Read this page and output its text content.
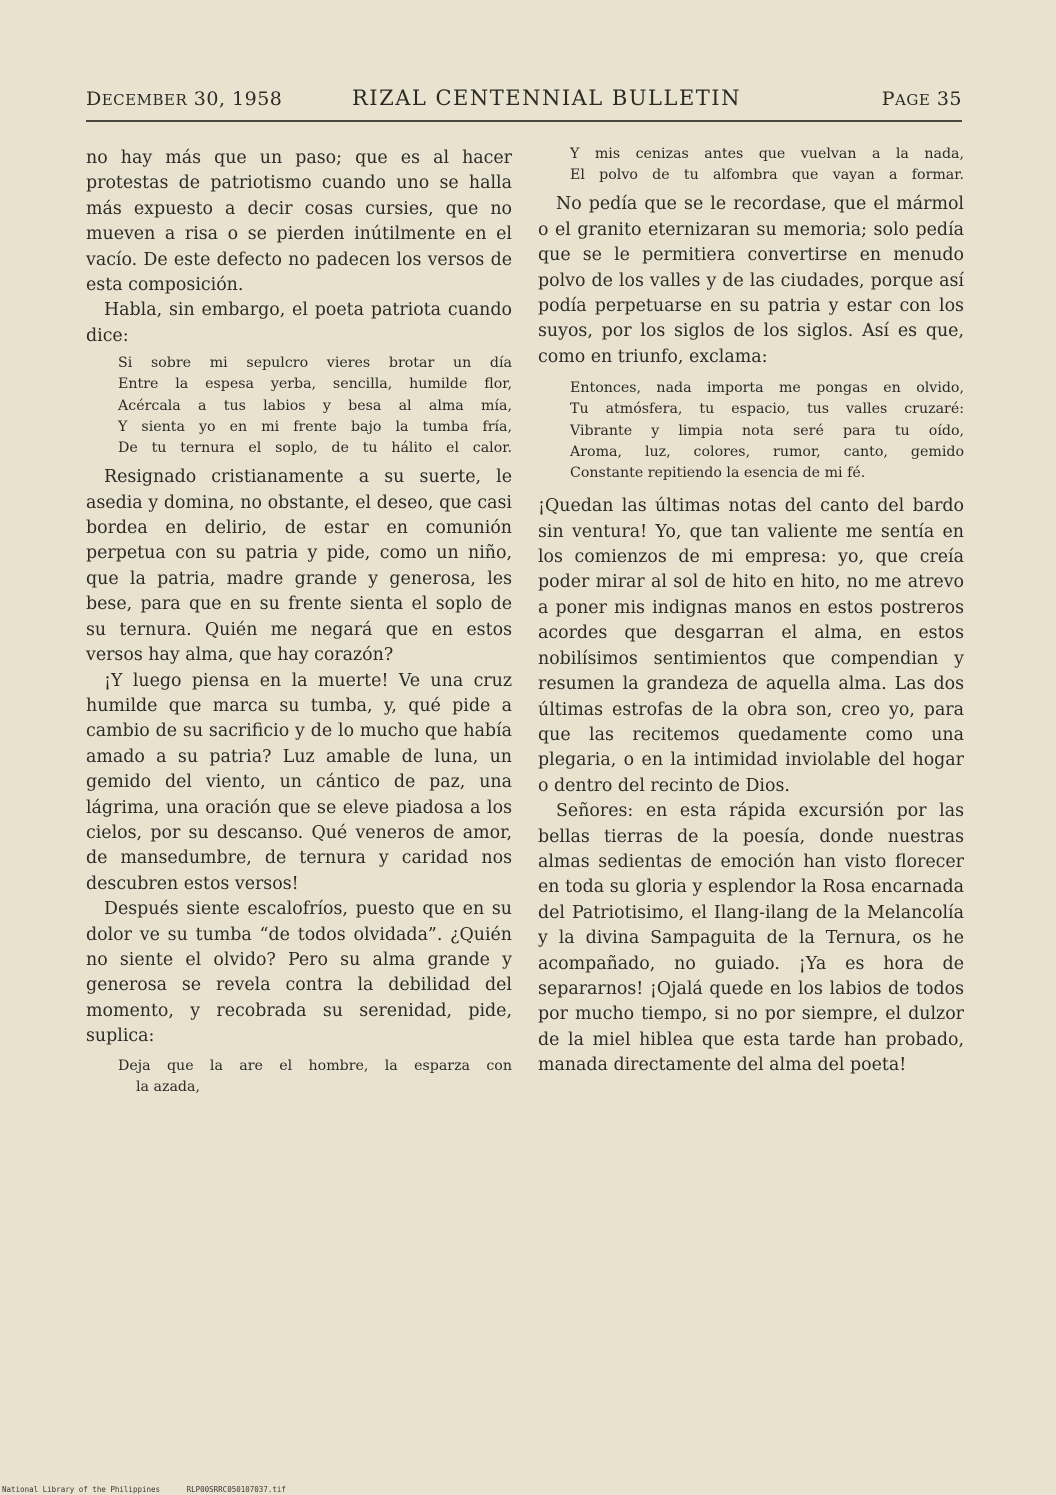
DECEMBER 30, 1958	RIZAL CENTENNIAL BULLETIN	PAGE 35

no hay más que un paso; que es al hacer protestas de patriotismo cuando uno se halla más expuesto a decir cosas cursies, que no mueven a risa o se pierden inútilmente en el vacío. De este defecto no padecen los versos de esta composición.

Habla, sin embargo, el poeta patriota cuando dice:

Si sobre mi sepulcro vieres brotar un día
Entre la espesa yerba, sencilla, humilde flor,
Acércala a tus labios y besa al alma mía,
Y sienta yo en mi frente bajo la tumba fría,
De tu ternura el soplo, de tu hálito el calor.

Resignado cristianamente a su suerte, le asedia y domina, no obstante, el deseo, que casi bordea en delirio, de estar en comunión perpetua con su patria y pide, como un niño, que la patria, madre grande y generosa, les bese, para que en su frente sienta el soplo de su ternura. Quién me negará que en estos versos hay alma, que hay corazón?

¡Y luego piensa en la muerte! Ve una cruz humilde que marca su tumba, y, qué pide a cambio de su sacrificio y de lo mucho que había amado a su patria? Luz amable de luna, un gemido del viento, un cántico de paz, una lágrima, una oración que se eleve piadosa a los cielos, por su descanso. Qué veneros de amor, de mansedumbre, de ternura y caridad nos descubren estos versos!

Después siente escalofríos, puesto que en su dolor ve su tumba “de todos olvidada”. ¿Quién no siente el olvido? Pero su alma grande y generosa se revela contra la debilidad del momento, y recobrada su serenidad, pide, suplica:

Deja que la are el hombre, la esparza con
la azada,
Y mis cenizas antes que vuelvan a la nada,
El polvo de tu alfombra que vayan a formar.

No pedía que se le recordase, que el mármol o el granito eternizaran su memoria; solo pedía que se le permitiera convertirse en menudo polvo de los valles y de las ciudades, porque así podía perpetuarse en su patria y estar con los suyos, por los siglos de los siglos. Así es que, como en triunfo, exclama:

Entonces, nada importa me pongas en olvido,
Tu atmósfera, tu espacio, tus valles cruzaré:
Vibrante y limpia nota seré para tu oído,
Aroma, luz, colores, rumor, canto, gemido
Constante repitiendo la esencia de mi fé.

¡Quedan las últimas notas del canto del bardo sin ventura! Yo, que tan valiente me sentía en los comienzos de mi empresa: yo, que creía poder mirar al sol de hito en hito, no me atrevo a poner mis indignas manos en estos postreros acordes que desgarran el alma, en estos nobilísimos sentimientos que compendian y resumen la grandeza de aquella alma. Las dos últimas estrofas de la obra son, creo yo, para que las recitemos quedamente como una plegaria, o en la intimidad inviolable del hogar o dentro del recinto de Dios.

Señores: en esta rápida excursión por las bellas tierras de la poesía, donde nuestras almas sedientas de emoción han visto florecer en toda su gloria y esplendor la Rosa encarnada del Patriotisimo, el Ilang-ilang de la Melancolía y la divina Sampaguita de la Ternura, os he acompañado, no guiado. ¡Ya es hora de separarnos! ¡Ojalá quede en los labios de todos por mucho tiempo, si no por siempre, el dulzor de la miel hiblea que esta tarde han probado, manada directamente del alma del poeta!

National Library of the Philippines	RLP00SRRC050107037.tif
